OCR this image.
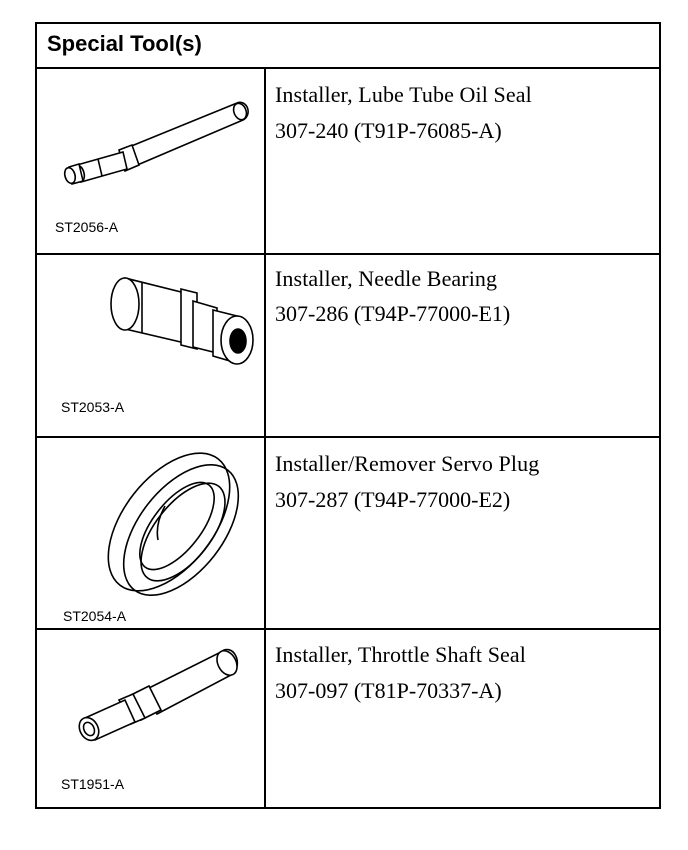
Special Tool(s)
ST2056-A
Installer, Lube Tube Oil Seal
307-240 (T91P-76085-A)
ST2053-A
Installer, Needle Bearing
307-286 (T94P-77000-E1)
ST2054-A
Installer/Remover Servo Plug
307-287 (T94P-77000-E2)
ST1951-A
Installer, Throttle Shaft Seal
307-097 (T81P-70337-A)
